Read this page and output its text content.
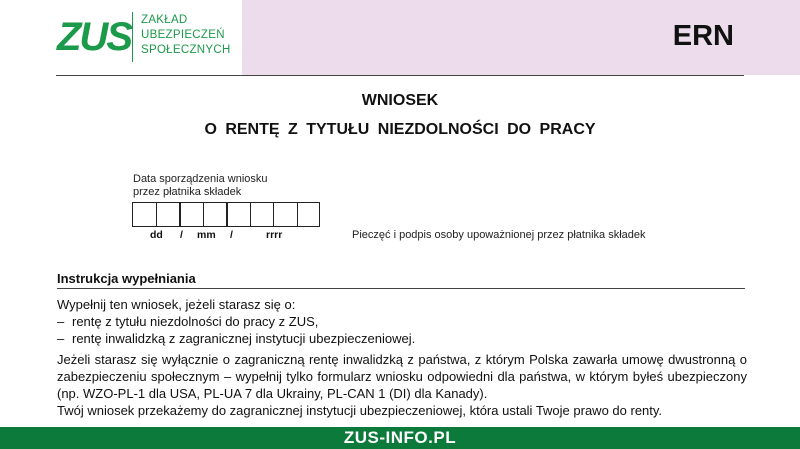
ZUS ZAKŁAD
UBEZPIECZEŃ
SPOŁECZNYCH	ERN
WNIOSEK
O RENTĘ Z TYTUŁU NIEZDOLNOŚCI DO PRACY
Data sporządzenia wniosku
przez płatnika składek
dd / mm /	rrrr	Pieczęć i podpis osoby upoważnionej przez płatnika składek
Instrukcja wypełniania
Wypełnij ten wniosek, jeżeli starasz się o:
– rentę z tytułu niezdolności do pracy z ZUS,
– rentę inwalidzką z zagranicznej instytucji ubezpieczeniowej.
Jeżeli starasz się wyłącznie o zagraniczną rentę inwalidzką z państwa, z którym Polska zawarła umowę dwustronną o zabezpieczeniu społecznym – wypełnij tylko formularz wniosku odpowiedni dla państwa, w którym byłeś ubezpieczony (np. WZO-PL-1 dla USA, PL-UA 7 dla Ukrainy, PL-CAN 1 (DI) dla Kanady).
Twój wniosek przekażemy do zagranicznej instytucji ubezpieczeniowej, która ustali Twoje prawo do renty.
ZUS-INFO.PL
